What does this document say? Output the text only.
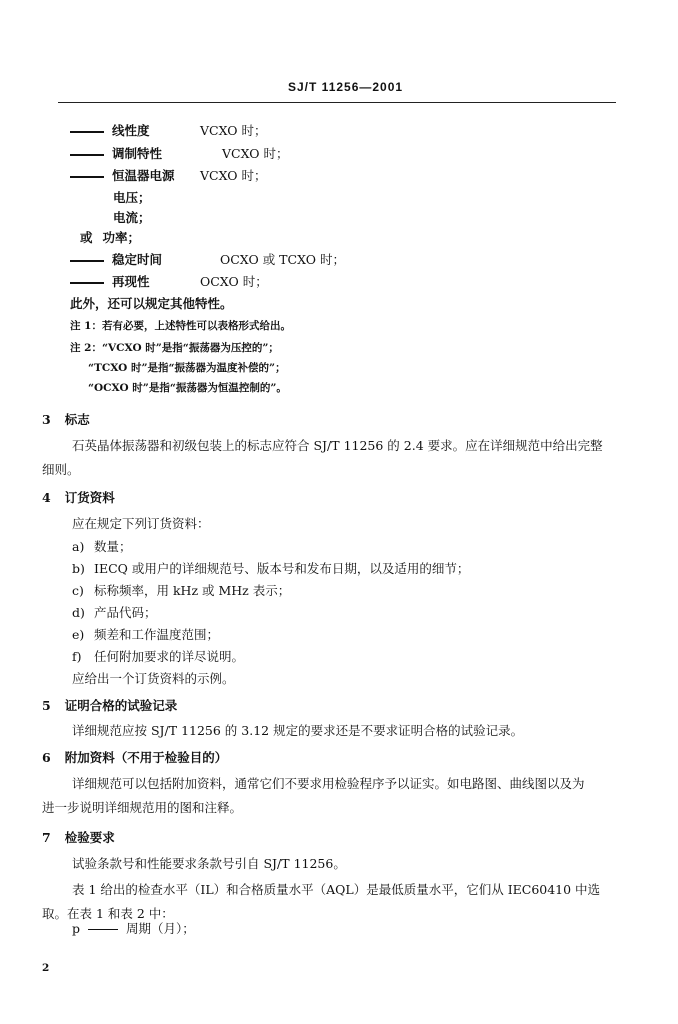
SJ/T 11256—2001
线性度	VCXO 时；
调制特性	VCXO 时；
恒温器电源 VCXO 时；
电压；
电流；
或 功率；
稳定时间	OCXO 或 TCXO 时；
再现性	OCXO 时；
此外，还可以规定其他特性。
注 1：若有必要，上述特性可以表格形式给出。
注 2：“VCXO 时”是指“振荡器为压控的”；
“TCXO 时”是指“振荡器为温度补偿的”；
“OCXO 时”是指“振荡器为恒温控制的”。
3 标志
石英晶体振荡器和初级包装上的标志应符合 SJ/T 11256 的 2.4 要求。应在详细规范中给出完整
细则。
4 订货资料
应在规定下列订货资料：
a) 数量；
b) IECQ 或用户的详细规范号、版本号和发布日期，以及适用的细节；
c) 标称频率，用 kHz 或 MHz 表示；
d) 产品代码；
e) 频差和工作温度范围；
f) 任何附加要求的详尽说明。
应给出一个订货资料的示例。
5 证明合格的试验记录
详细规范应按 SJ/T 11256 的 3.12 规定的要求还是不要求证明合格的试验记录。
6 附加资料（不用于检验目的）
详细规范可以包括附加资料，通常它们不要求用检验程序予以证实。如电路图、曲线图以及为
进一步说明详细规范用的图和注释。
7 检验要求
试验条款号和性能要求条款号引自 SJ/T 11256。
表 1 给出的检查水平（IL）和合格质量水平（AQL）是最低质量水平，它们从 IEC60410 中选
取。在表 1 和表 2 中：
p	周期（月）；
2
